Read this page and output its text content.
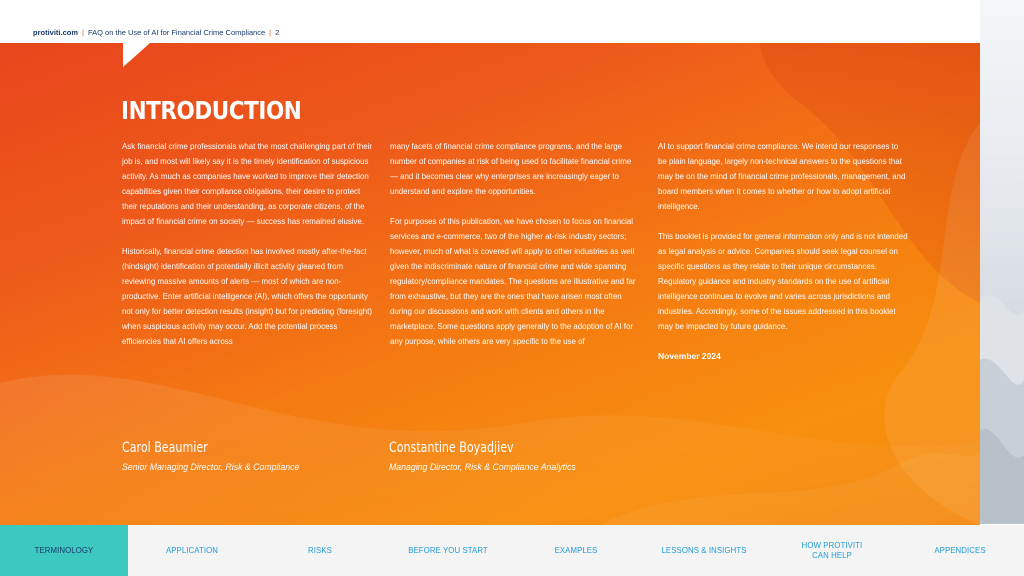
protiviti.com | FAQ on the Use of AI for Financial Crime Compliance | 2
INTRODUCTION

Ask financial crime professionals what the most challenging part of their job is, and most will likely say it is the timely identification of suspicious activity. As much as companies have worked to improve their detection capabilities given their compliance obligations, their desire to protect their reputations and their understanding, as corporate citizens, of the impact of financial crime on society — success has remained elusive.

Historically, financial crime detection has involved mostly after-the-fact (hindsight) identification of potentially illicit activity gleaned from reviewing massive amounts of alerts — most of which are non-productive. Enter artificial intelligence (AI), which offers the opportunity not only for better detection results (insight) but for predicting (foresight) when suspicious activity may occur. Add the potential process efficiencies that AI offers across

many facets of financial crime compliance programs, and the large number of companies at risk of being used to facilitate financial crime — and it becomes clear why enterprises are increasingly eager to understand and explore the opportunities.

For purposes of this publication, we have chosen to focus on financial services and e-commerce, two of the higher at-risk industry sectors; however, much of what is covered will apply to other industries as well given the indiscriminate nature of financial crime and wide spanning regulatory/compliance mandates. The questions are illustrative and far from exhaustive, but they are the ones that have arisen most often during our discussions and work with clients and others in the marketplace. Some questions apply generally to the adoption of AI for any purpose, while others are very specific to the use of

AI to support financial crime compliance. We intend our responses to be plain language, largely non-technical answers to the questions that may be on the mind of financial crime professionals, management, and board members when it comes to whether or how to adopt artificial intelligence.

This booklet is provided for general information only and is not intended as legal analysis or advice. Companies should seek legal counsel on specific questions as they relate to their unique circumstances. Regulatory guidance and industry standards on the use of artificial intelligence continues to evolve and varies across jurisdictions and industries. Accordingly, some of the issues addressed in this booklet may be impacted by future guidance.

November 2024

Carol Beaumier
Senior Managing Director, Risk & Compliance
Constantine Boyadjiev
Managing Director, Risk & Compliance Analytics
TERMINOLOGY	APPLICATION	RISKS	BEFORE YOU START	EXAMPLES	LESSONS & INSIGHTS
HOW PROTIVITI
CAN HELP
APPENDICES
